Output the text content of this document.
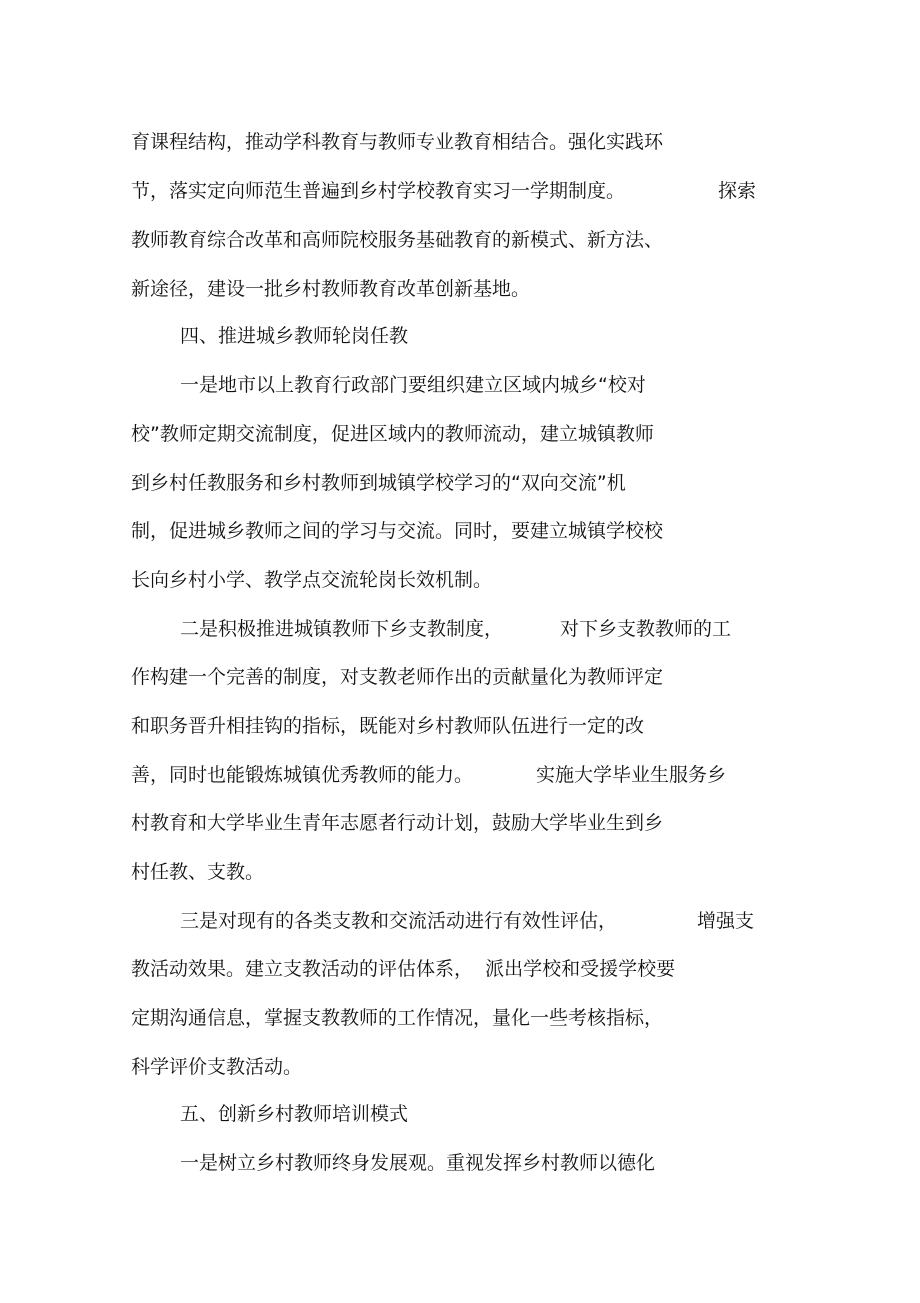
育课程结构，推动学科教育与教师专业教育相结合。强化实践环
节，落实定向师范生普遍到乡村学校教育实习一学期制度。	探索
教师教育综合改革和高师院校服务基础教育的新模式、新方法、
新途径，建设一批乡村教师教育改革创新基地。
四、推进城乡教师轮岗任教
一是地市以上教育行政部门要组织建立区域内城乡“校对
校”教师定期交流制度，促进区域内的教师流动，建立城镇教师
到乡村任教服务和乡村教师到城镇学校学习的“双向交流”机
制，促进城乡教师之间的学习与交流。同时，要建立城镇学校校
长向乡村小学、教学点交流轮岗长效机制。
二是积极推进城镇教师下乡支教制度，	对下乡支教教师的工
作构建一个完善的制度，对支教老师作出的贡献量化为教师评定
和职务晋升相挂钩的指标，既能对乡村教师队伍进行一定的改
善，同时也能锻炼城镇优秀教师的能力。	实施大学毕业生服务乡
村教育和大学毕业生青年志愿者行动计划，鼓励大学毕业生到乡
村任教、支教。
三是对现有的各类支教和交流活动进行有效性评估，	增强支
教活动效果。建立支教活动的评估体系，  派出学校和受援学校要
定期沟通信息，掌握支教教师的工作情况，量化一些考核指标，
科学评价支教活动。
五、创新乡村教师培训模式
一是树立乡村教师终身发展观。重视发挥乡村教师以德化
